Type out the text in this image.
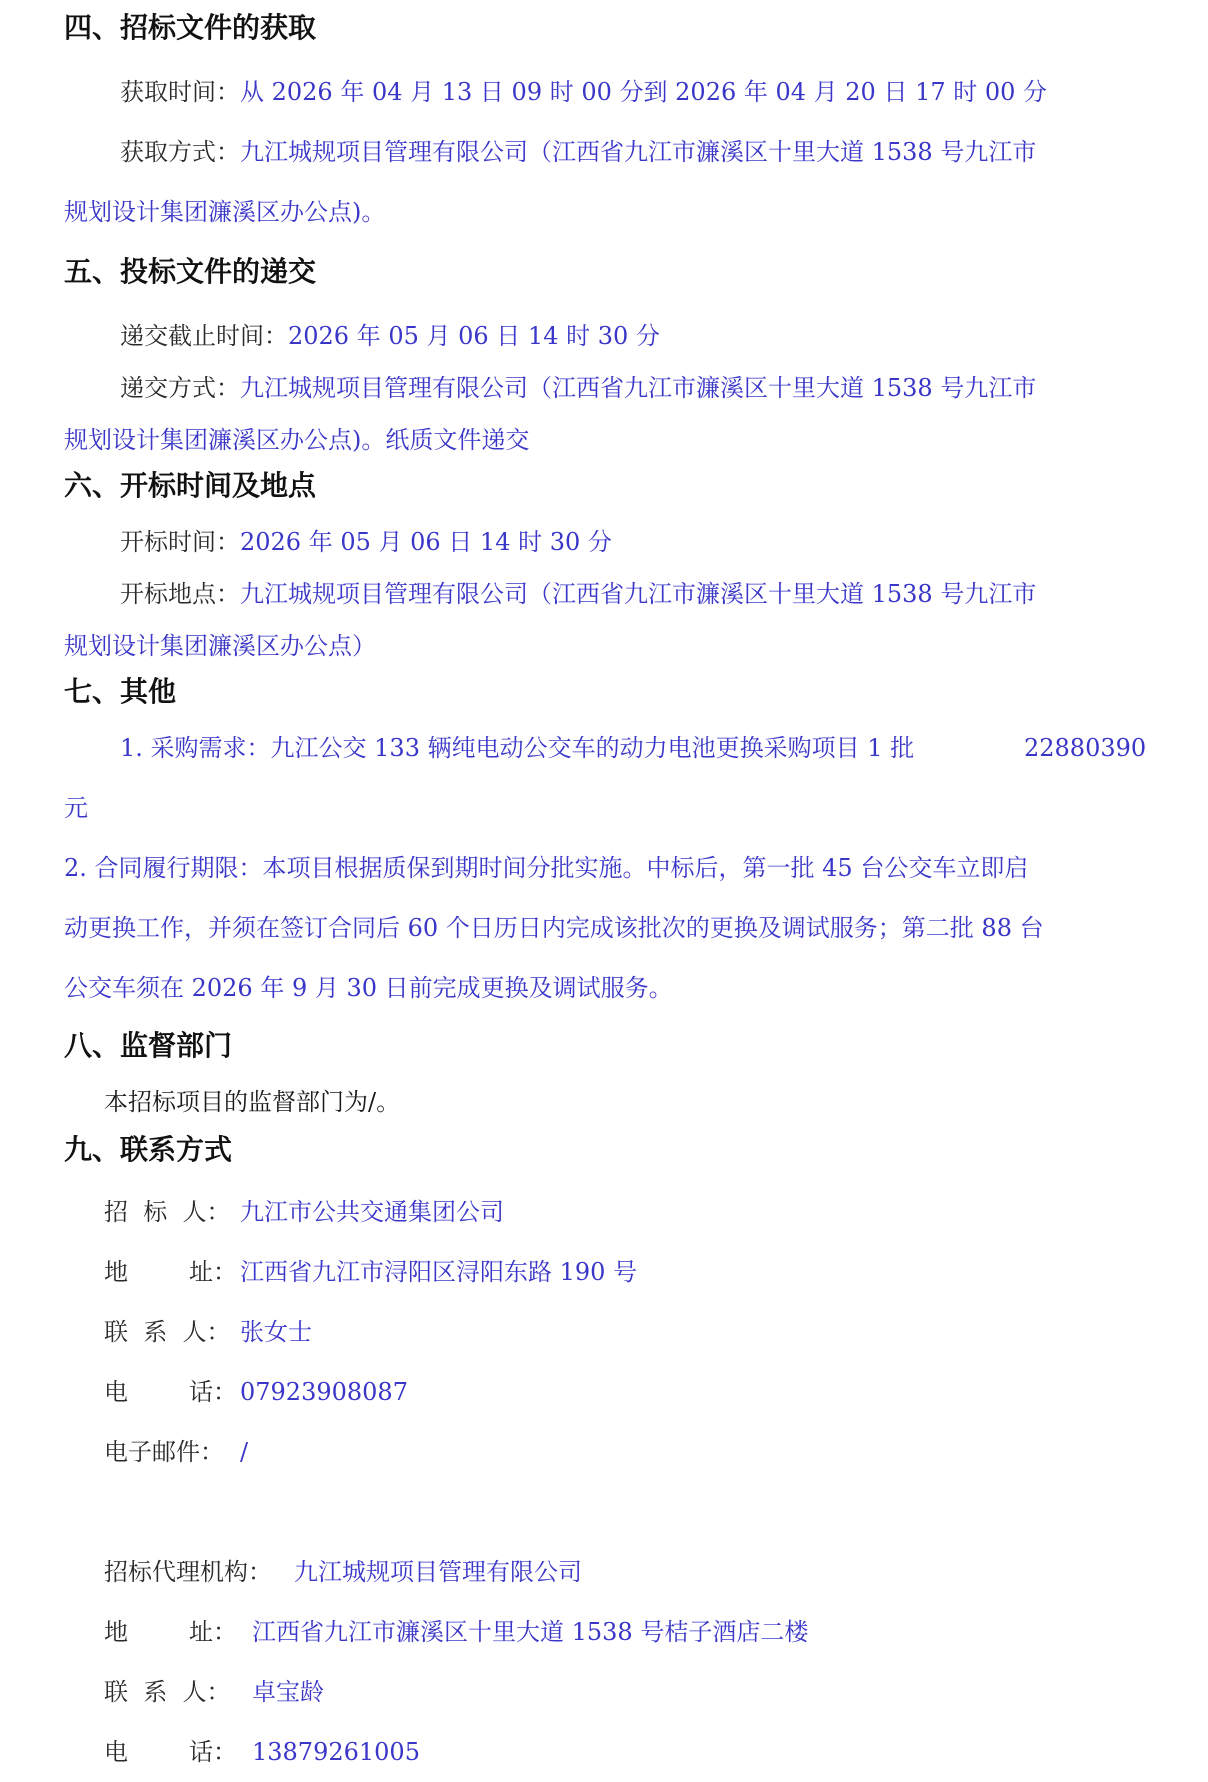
四、招标文件的获取
获取时间：从 2026 年 04 月 13 日 09 时 00 分到 2026 年 04 月 20 日 17 时 00 分
获取方式：九江城规项目管理有限公司（江西省九江市濂溪区十里大道 1538 号九江市
规划设计集团濂溪区办公点)。
五、投标文件的递交
递交截止时间：2026 年 05 月 06 日 14 时 30 分
递交方式：九江城规项目管理有限公司（江西省九江市濂溪区十里大道 1538 号九江市
规划设计集团濂溪区办公点)。纸质文件递交
六、开标时间及地点
开标时间：2026 年 05 月 06 日 14 时 30 分
开标地点：九江城规项目管理有限公司（江西省九江市濂溪区十里大道 1538 号九江市
规划设计集团濂溪区办公点）
七、其他
1. 采购需求：九江公交 133 辆纯电动公交车的动力电池更换采购项目 1 批	22880390
元
2. 合同履行期限：本项目根据质保到期时间分批实施。中标后，第一批 45 台公交车立即启
动更换工作，并须在签订合同后 60 个日历日内完成该批次的更换及调试服务；第二批 88 台
公交车须在 2026 年 9 月 30 日前完成更换及调试服务。
八、监督部门
本招标项目的监督部门为/。
九、联系方式
招  标  人： 九江市公共交通集团公司
地        址： 江西省九江市浔阳区浔阳东路 190 号
联  系  人： 张女士
电        话： 07923908087
电子邮件： /
招标代理机构： 九江城规项目管理有限公司
地        址： 江西省九江市濂溪区十里大道 1538 号桔子酒店二楼
联  系  人： 卓宝龄
电        话： 13879261005
